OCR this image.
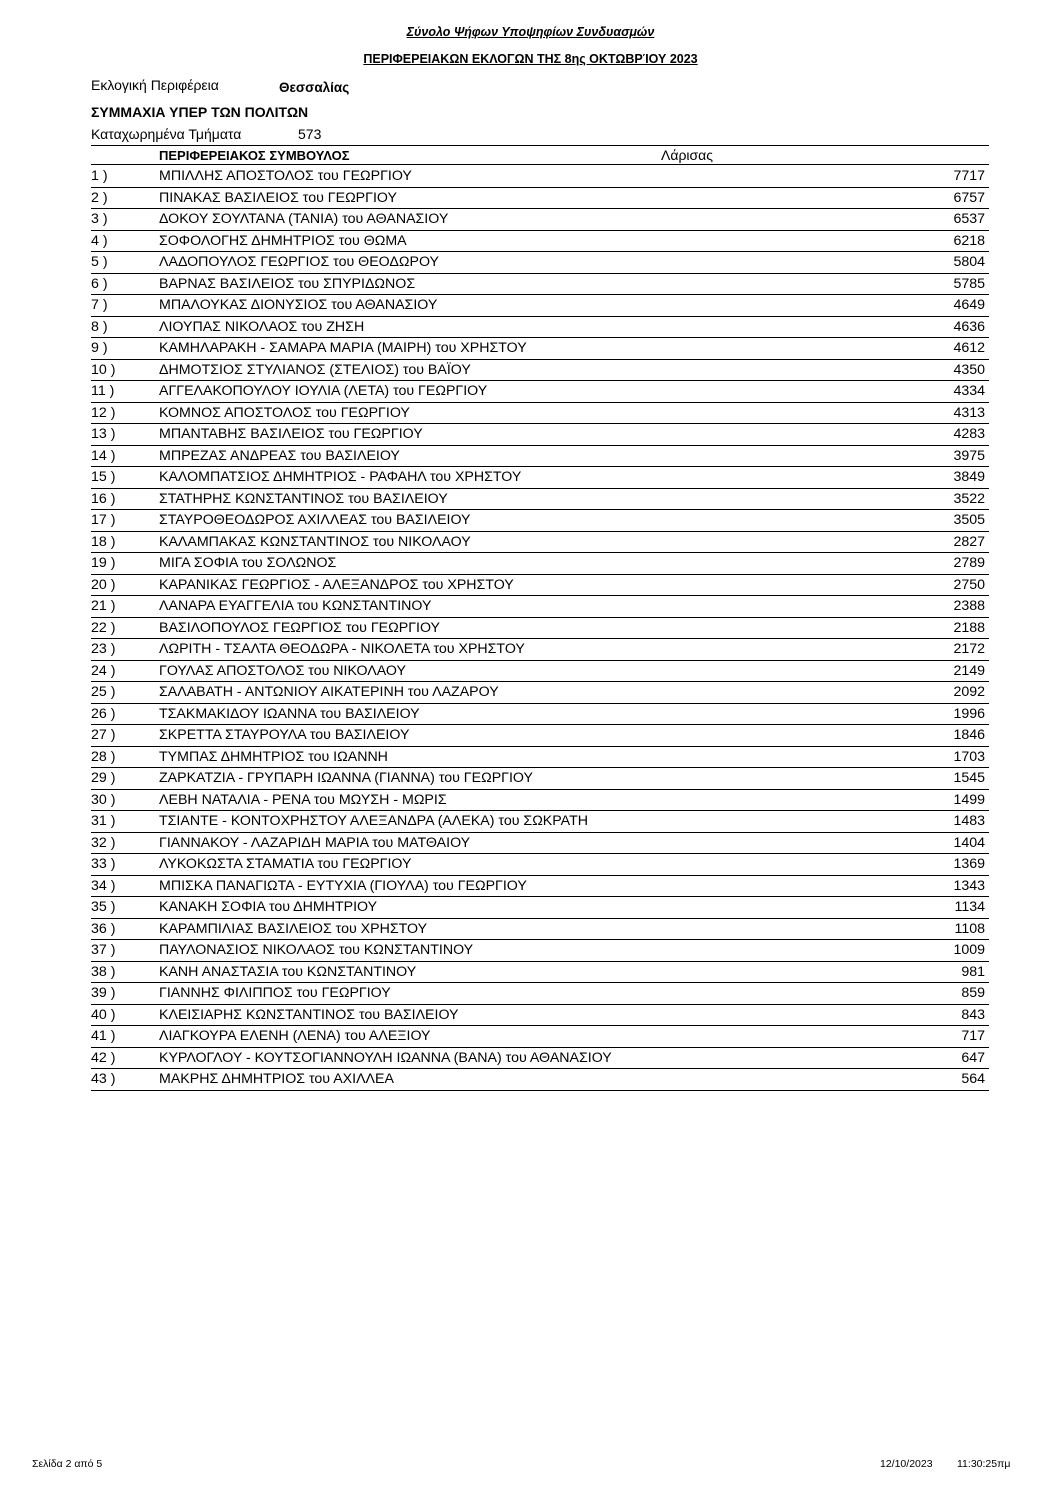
Σύνολο Ψήφων Υποψηφίων Συνδυασμών
ΠΕΡΙΦΕΡΕΙΑΚΩΝ ΕΚΛΟΓΩΝ ΤΗΣ 8ης ΟΚΤΩΒΡΊΟΥ 2023
Εκλογική Περιφέρεια	Θεσσαλίας
ΣΥΜΜΑΧΙΑ ΥΠΕΡ ΤΩΝ ΠΟΛΙΤΩΝ
Καταχωρημένα Τμήματα	573
ΠΕΡΙΦΕΡΕΙΑΚΟΣ ΣΥΜΒΟΥΛΟΣ	Λάρισας
1 )	ΜΠΙΛΛΗΣ ΑΠΟΣΤΟΛΟΣ του ΓΕΩΡΓΙΟΥ	7717
2 )	ΠΙΝΑΚΑΣ ΒΑΣΙΛΕΙΟΣ του ΓΕΩΡΓΙΟΥ	6757
3 )	ΔΟΚΟΥ ΣΟΥΛΤΑΝΑ (ΤΑΝΙΑ) του ΑΘΑΝΑΣΙΟΥ	6537
4 )	ΣΟΦΟΛΟΓΗΣ ΔΗΜΗΤΡΙΟΣ του ΘΩΜΑ	6218
5 )	ΛΑΔΟΠΟΥΛΟΣ ΓΕΩΡΓΙΟΣ του ΘΕΟΔΩΡΟΥ	5804
6 )	ΒΑΡΝΑΣ ΒΑΣΙΛΕΙΟΣ του ΣΠΥΡΙΔΩΝΟΣ	5785
7 )	ΜΠΑΛΟΥΚΑΣ ΔΙΟΝΥΣΙΟΣ του ΑΘΑΝΑΣΙΟΥ	4649
8 )	ΛΙΟΥΠΑΣ ΝΙΚΟΛΑΟΣ του ΖΗΣΗ	4636
9 )	ΚΑΜΗΛΑΡΑΚΗ - ΣΑΜΑΡΑ ΜΑΡΙΑ (ΜΑΙΡΗ) του ΧΡΗΣΤΟΥ	4612
10 )	ΔΗΜΟΤΣΙΟΣ ΣΤΥΛΙΑΝΟΣ (ΣΤΕΛΙΟΣ) του ΒΑΪΟΥ	4350
11 )	ΑΓΓΕΛΑΚΟΠΟΥΛΟΥ ΙΟΥΛΙΑ (ΛΕΤΑ) του ΓΕΩΡΓΙΟΥ	4334
12 )	ΚΟΜΝΟΣ ΑΠΟΣΤΟΛΟΣ του ΓΕΩΡΓΙΟΥ	4313
13 )	ΜΠΑΝΤΑΒΗΣ ΒΑΣΙΛΕΙΟΣ του ΓΕΩΡΓΙΟΥ	4283
14 )	ΜΠΡΕΖΑΣ ΑΝΔΡΕΑΣ του ΒΑΣΙΛΕΙΟΥ	3975
15 )	ΚΑΛΟΜΠΑΤΣΙΟΣ ΔΗΜΗΤΡΙΟΣ - ΡΑΦΑΗΛ του ΧΡΗΣΤΟΥ	3849
16 )	ΣΤΑΤΗΡΗΣ ΚΩΝΣΤΑΝΤΙΝΟΣ του ΒΑΣΙΛΕΙΟΥ	3522
17 )	ΣΤΑΥΡΟΘΕΟΔΩΡΟΣ ΑΧΙΛΛΕΑΣ του ΒΑΣΙΛΕΙΟΥ	3505
18 )	ΚΑΛΑΜΠΑΚΑΣ ΚΩΝΣΤΑΝΤΙΝΟΣ του ΝΙΚΟΛΑΟΥ	2827
19 )	ΜΙΓΑ ΣΟΦΙΑ του ΣΟΛΩΝΟΣ	2789
20 )	ΚΑΡΑΝΙΚΑΣ ΓΕΩΡΓΙΟΣ - ΑΛΕΞΑΝΔΡΟΣ του ΧΡΗΣΤΟΥ	2750
21 )	ΛΑΝΑΡΑ ΕΥΑΓΓΕΛΙΑ του ΚΩΝΣΤΑΝΤΙΝΟΥ	2388
22 )	ΒΑΣΙΛΟΠΟΥΛΟΣ ΓΕΩΡΓΙΟΣ του ΓΕΩΡΓΙΟΥ	2188
23 )	ΛΩΡΙΤΗ - ΤΣΑΛΤΑ ΘΕΟΔΩΡΑ - ΝΙΚΟΛΕΤΑ του ΧΡΗΣΤΟΥ	2172
24 )	ΓΟΥΛΑΣ ΑΠΟΣΤΟΛΟΣ του ΝΙΚΟΛΑΟΥ	2149
25 )	ΣΑΛΑΒΑΤΗ - ΑΝΤΩΝΙΟΥ ΑΙΚΑΤΕΡΙΝΗ του ΛΑΖΑΡΟΥ	2092
26 )	ΤΣΑΚΜΑΚΙΔΟΥ ΙΩΑΝΝΑ του ΒΑΣΙΛΕΙΟΥ	1996
27 )	ΣΚΡΕΤΤΑ ΣΤΑΥΡΟΥΛΑ του ΒΑΣΙΛΕΙΟΥ	1846
28 )	ΤΥΜΠΑΣ ΔΗΜΗΤΡΙΟΣ του ΙΩΑΝΝΗ	1703
29 )	ΖΑΡΚΑΤΖΙΑ - ΓΡΥΠΑΡΗ ΙΩΑΝΝΑ (ΓΙΑΝΝΑ) του ΓΕΩΡΓΙΟΥ	1545
30 )	ΛΕΒΗ ΝΑΤΑΛΙΑ - ΡΕΝΑ του ΜΩΥΣΗ - ΜΩΡΙΣ	1499
31 )	ΤΣΙΑΝΤΕ - ΚΟΝΤΟΧΡΗΣΤΟΥ ΑΛΕΞΑΝΔΡΑ (ΑΛΕΚΑ) του ΣΩΚΡΑΤΗ	1483
32 )	ΓΙΑΝΝΑΚΟΥ - ΛΑΖΑΡΙΔΗ ΜΑΡΙΑ του ΜΑΤΘΑΙΟΥ	1404
33 )	ΛΥΚΟΚΩΣΤΑ ΣΤΑΜΑΤΙΑ του ΓΕΩΡΓΙΟΥ	1369
34 )	ΜΠΙΣΚΑ ΠΑΝΑΓΙΩΤΑ - ΕΥΤΥΧΙΑ (ΓΙΟΥΛΑ) του ΓΕΩΡΓΙΟΥ	1343
35 )	ΚΑΝΑΚΗ ΣΟΦΙΑ του ΔΗΜΗΤΡΙΟΥ	1134
36 )	ΚΑΡΑΜΠΙΛΙΑΣ ΒΑΣΙΛΕΙΟΣ του ΧΡΗΣΤΟΥ	1108
37 )	ΠΑΥΛΟΝΑΣΙΟΣ ΝΙΚΟΛΑΟΣ του ΚΩΝΣΤΑΝΤΙΝΟΥ	1009
38 )	ΚΑΝΗ ΑΝΑΣΤΑΣΙΑ του ΚΩΝΣΤΑΝΤΙΝΟΥ	981
39 )	ΓΙΑΝΝΗΣ ΦΙΛΙΠΠΟΣ του ΓΕΩΡΓΙΟΥ	859
40 )	ΚΛΕΙΣΙΑΡΗΣ ΚΩΝΣΤΑΝΤΙΝΟΣ του ΒΑΣΙΛΕΙΟΥ	843
41 )	ΛΙΑΓΚΟΥΡΑ ΕΛΕΝΗ (ΛΕΝΑ) του ΑΛΕΞΙΟΥ	717
42 )	ΚΥΡΛΟΓΛΟΥ - ΚΟΥΤΣΟΓΙΑΝΝΟΥΛΗ ΙΩΑΝΝΑ (ΒΑΝΑ) του ΑΘΑΝΑΣΙΟΥ	647
43 )	ΜΑΚΡΗΣ ΔΗΜΗΤΡΙΟΣ του ΑΧΙΛΛΕΑ	564
Σελίδα 2 από 5	12/10/2023 11:30:25πμ
